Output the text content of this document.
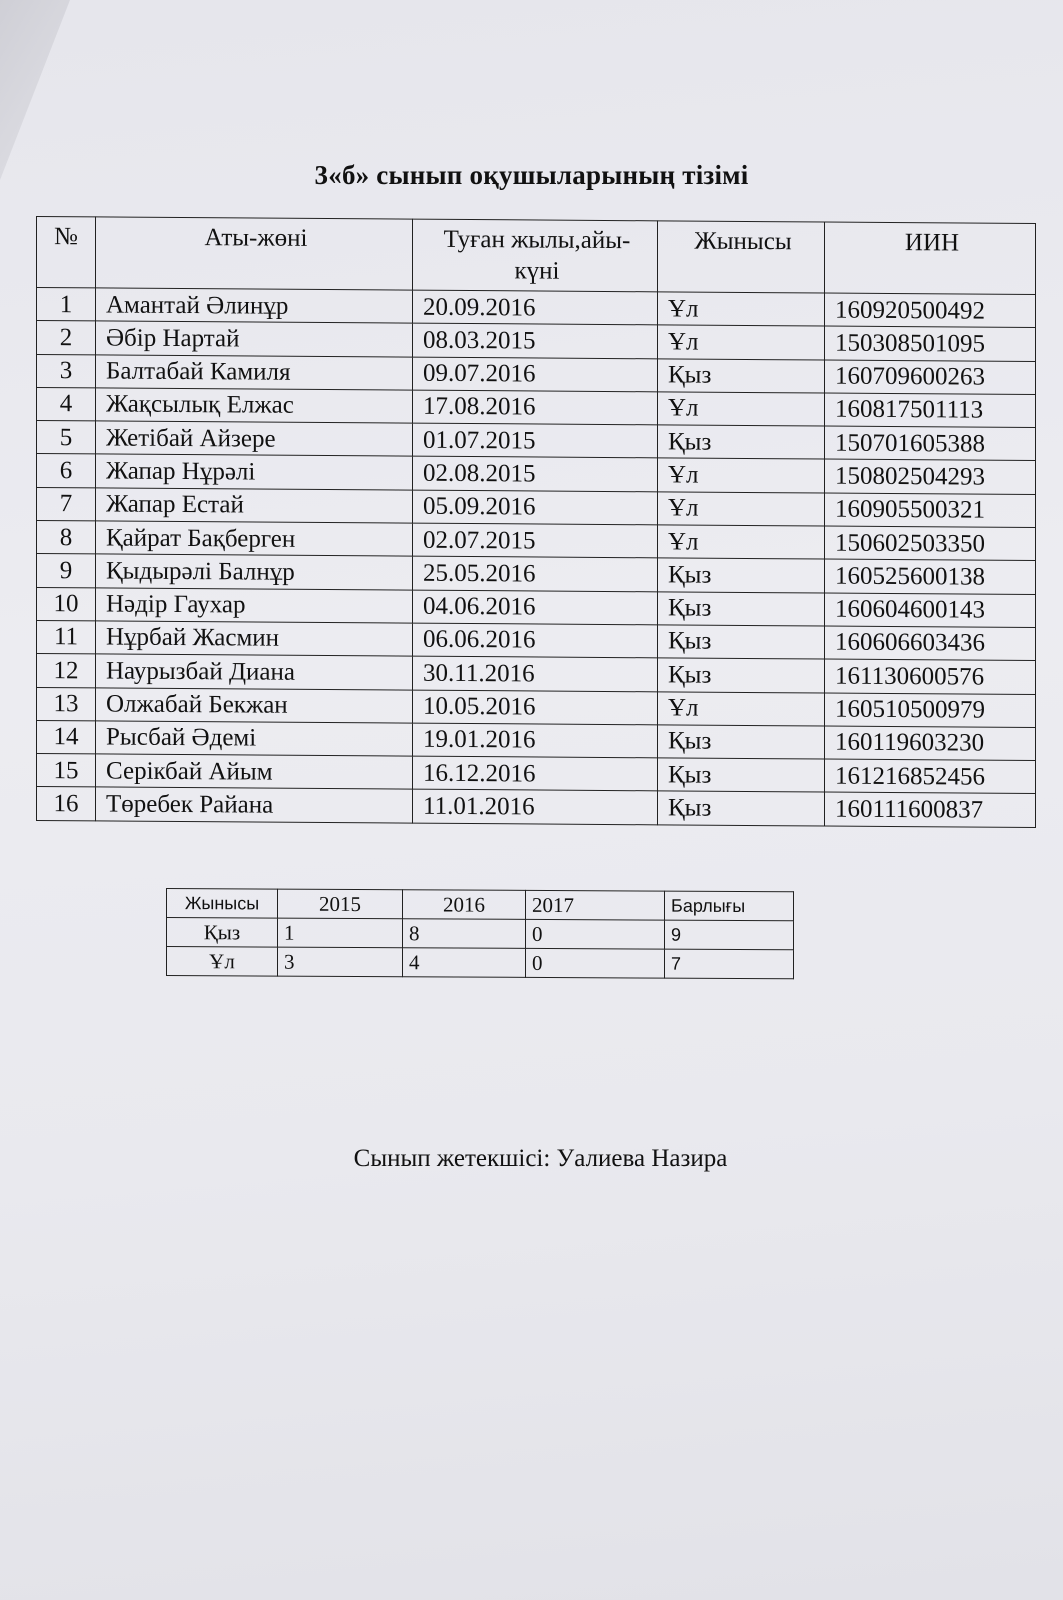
3«б» сынып оқушыларының тізімі
№	Аты-жөні	Туған жылы,айы-күні	Жынысы	ИИН
1	Амантай Әлинұр	20.09.2016	Ұл	160920500492
2	Әбір Нартай	08.03.2015	Ұл	150308501095
3	Балтабай Камиля	09.07.2016	Қыз	160709600263
4	Жақсылық Елжас	17.08.2016	Ұл	160817501113
5	Жетібай Айзере	01.07.2015	Қыз	150701605388
6	Жапар Нұрәлі	02.08.2015	Ұл	150802504293
7	Жапар Естай	05.09.2016	Ұл	160905500321
8	Қайрат Бақберген	02.07.2015	Ұл	150602503350
9	Қыдырәлі Балнұр	25.05.2016	Қыз	160525600138
10	Нәдір Гаухар	04.06.2016	Қыз	160604600143
11	Нұрбай Жасмин	06.06.2016	Қыз	160606603436
12	Наурызбай Диана	30.11.2016	Қыз	161130600576
13	Олжабай Бекжан	10.05.2016	Ұл	160510500979
14	Рысбай Әдемі	19.01.2016	Қыз	160119603230
15	Серікбай Айым	16.12.2016	Қыз	161216852456
16	Төребек Райана	11.01.2016	Қыз	160111600837
Жынысы	2015	2016	2017	Барлығы
Қыз	1	8	0	9
Ұл	3	4	0	7
Сынып жетекшісі: Уалиева Назира
